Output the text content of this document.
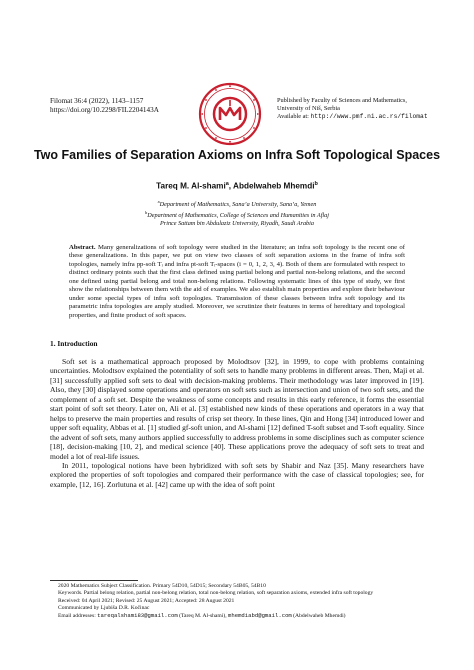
Filomat 36:4 (2022), 1143–1157
https://doi.org/10.2298/FIL2204143A
Published by Faculty of Sciences and Mathematics,
University of Niš, Serbia
Available at: http://www.pmf.ni.ac.rs/filomat
Two Families of Separation Axioms on Infra Soft Topological Spaces
Tareq M. Al-shami$^a$, Abdelwaheb Mhemdi$^b$
$^a$Department of Mathematics, Sana’a University, Sana’a, Yemen
$^b$Department of Mathematics, College of Sciences and Humanities in Aflaj
Prince Sattam bin Abdulaziz University, Riyadh, Saudi Arabia
Abstract. Many generalizations of soft topology were studied in the literature; an infra soft topology is the recent one of these generalizations. In this paper, we put on view two classes of soft separation axioms in the frame of infra soft topologies, namely infra pp-soft Tᵢ and infra pt-soft Tᵢ-spaces (i = 0, 1, 2, 3, 4). Both of them are formulated with respect to distinct ordinary points such that the first class defined using partial belong and partial non-belong relations, and the second one defined using partial belong and total non-belong relations. Following systematic lines of this type of study, we first show the relationships between them with the aid of examples. We also establish main properties and explore their behaviour under some special types of infra soft topologies. Transmission of these classes between infra soft topology and its parametric infra topologies are amply studied. Moreover, we scrutinize their features in terms of hereditary and topological properties, and finite product of soft spaces.
1. Introduction

Soft set is a mathematical approach proposed by Molodtsov [32], in 1999, to cope with problems containing uncertainties. Molodtsov explained the potentiality of soft sets to handle many problems in different areas. Then, Maji et al. [31] successfully applied soft sets to deal with decision-making problems. Their methodology was later improved in [19]. Also, they [30] displayed some operations and operators on soft sets such as intersection and union of two soft sets, and the complement of a soft set. Despite the weakness of some concepts and results in this early reference, it forms the essential start point of soft set theory. Later on, Ali et al. [3] established new kinds of these operations and operators in a way that helps to preserve the main properties and results of crisp set theory. In these lines, Qin and Hong [34] introduced lower and upper soft equality, Abbas et al. [1] studied gf-soft union, and Al-shami [12] defined T-soft subset and T-soft equality. Since the advent of soft sets, many authors applied successfully to address problems in some disciplines such as computer science [18], decision-making [10, 2], and medical science [40]. These applications prove the adequacy of soft sets to treat and model a lot of real-life issues.

In 2011, topological notions have been hybridized with soft sets by Shabir and Naz [35]. Many researchers have explored the properties of soft topologies and compared their performance with the case of classical topologies; see, for example, [12, 16]. Zorlutuna et al. [42] came up with the idea of soft point

2020 Mathematics Subject Classification. Primary 54D10, 54D15; Secondary 54B05, 54B10
Keywords. Partial belong relation, partial non-belong relation, total non-belong relation, soft separation axioms, extended infra soft topology
Received: 04 April 2021; Revised: 25 August 2021; Accepted: 28 August 2021
Communicated by Ljubiša D.R. Kočinac
Email addresses: tareqalshami83@gmail.com (Tareq M. Al-shami), mhemdiabd@gmail.com (Abdelwaheb Mhemdi)
